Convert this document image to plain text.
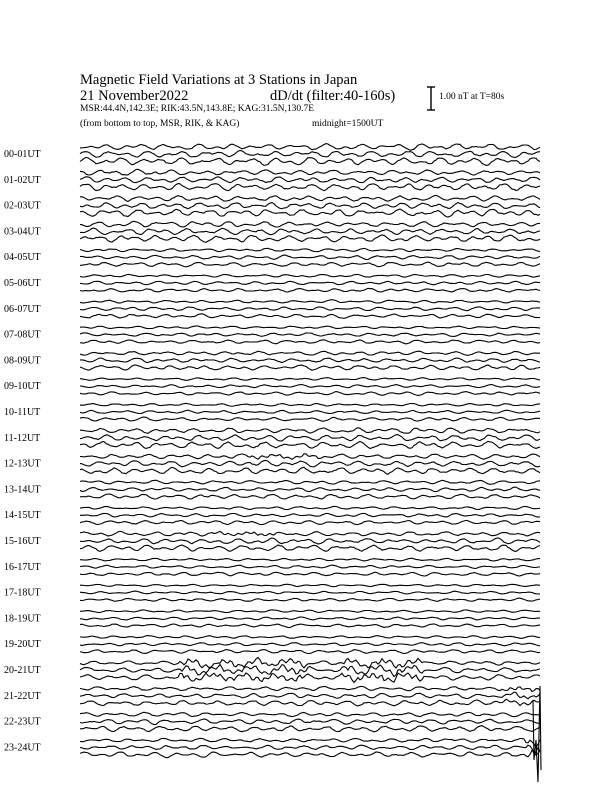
Magnetic Field Variations at 3 Stations in Japan
21 November2022	dD/dt (filter:40-160s)
MSR:44.4N,142.3E; RIK:43.5N,143.8E; KAG:31.5N,130.7E
(from bottom to top, MSR, RIK, & KAG)	midnight=1500UT
1.00 nT at T=80s
00-01UT
01-02UT
02-03UT
03-04UT
04-05UT
05-06UT
06-07UT
07-08UT
08-09UT
09-10UT
10-11UT
11-12UT
12-13UT
13-14UT
14-15UT
15-16UT
16-17UT
17-18UT
18-19UT
19-20UT
20-21UT
21-22UT
22-23UT
23-24UT
